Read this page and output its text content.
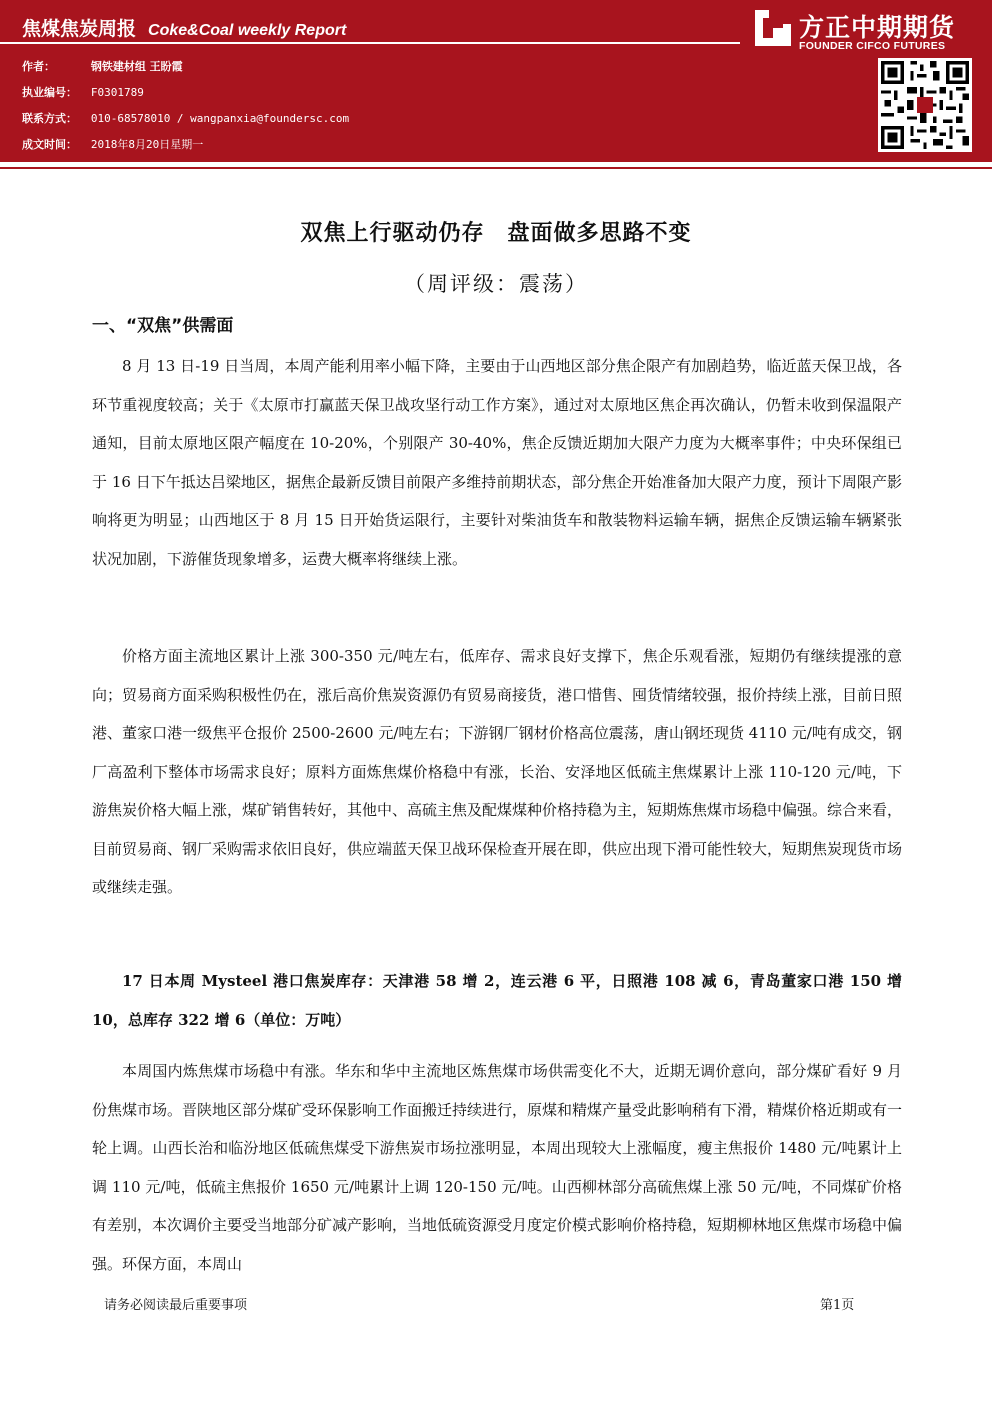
焦煤焦炭周报 Coke&Coal weekly Report
作者：	钢铁建材组 王盼霞
执业编号： F0301789
联系方式： 010-68578010 / wangpanxia@foundersc.com
成文时间： 2018年8月20日星期一
方正中期期货
FOUNDER CIFCO FUTURES
双焦上行驱动仍存　盘面做多思路不变
（周评级：震荡）
一、“双焦”供需面

8 月 13 日-19 日当周，本周产能利用率小幅下降，主要由于山西地区部分焦企限产有加剧趋势，临近蓝天保卫战，各环节重视度较高；关于《太原市打赢蓝天保卫战攻坚行动工作方案》，通过对太原地区焦企再次确认，仍暂未收到保温限产通知，目前太原地区限产幅度在 10-20%，个别限产 30-40%，焦企反馈近期加大限产力度为大概率事件；中央环保组已于 16 日下午抵达吕梁地区，据焦企最新反馈目前限产多维持前期状态，部分焦企开始准备加大限产力度，预计下周限产影响将更为明显；山西地区于 8 月 15 日开始货运限行，主要针对柴油货车和散装物料运输车辆，据焦企反馈运输车辆紧张状况加剧，下游催货现象增多，运费大概率将继续上涨。

价格方面主流地区累计上涨 300-350 元/吨左右，低库存、需求良好支撑下，焦企乐观看涨，短期仍有继续提涨的意向；贸易商方面采购积极性仍在，涨后高价焦炭资源仍有贸易商接货，港口惜售、囤货情绪较强，报价持续上涨，目前日照港、董家口港一级焦平仓报价 2500-2600 元/吨左右；下游钢厂钢材价格高位震荡，唐山钢坯现货 4110 元/吨有成交，钢厂高盈利下整体市场需求良好；原料方面炼焦煤价格稳中有涨，长治、安泽地区低硫主焦煤累计上涨 110-120 元/吨，下游焦炭价格大幅上涨，煤矿销售转好，其他中、高硫主焦及配煤煤种价格持稳为主，短期炼焦煤市场稳中偏强。综合来看，目前贸易商、钢厂采购需求依旧良好，供应端蓝天保卫战环保检查开展在即，供应出现下滑可能性较大，短期焦炭现货市场或继续走强。

17 日本周 Mysteel 港口焦炭库存：天津港 58 增 2，连云港 6 平，日照港 108 减 6，青岛董家口港 150 增 10，总库存 322 增 6（单位：万吨）

本周国内炼焦煤市场稳中有涨。华东和华中主流地区炼焦煤市场供需变化不大，近期无调价意向，部分煤矿看好 9 月份焦煤市场。晋陕地区部分煤矿受环保影响工作面搬迁持续进行，原煤和精煤产量受此影响稍有下滑，精煤价格近期或有一轮上调。山西长治和临汾地区低硫焦煤受下游焦炭市场拉涨明显，本周出现较大上涨幅度，瘦主焦报价 1480 元/吨累计上调 110 元/吨，低硫主焦报价 1650 元/吨累计上调 120-150 元/吨。山西柳林部分高硫焦煤上涨 50 元/吨，不同煤矿价格有差别，本次调价主要受当地部分矿减产影响，当地低硫资源受月度定价模式影响价格持稳，短期柳林地区焦煤市场稳中偏强。环保方面，本周山

请务必阅读最后重要事项	第1页
